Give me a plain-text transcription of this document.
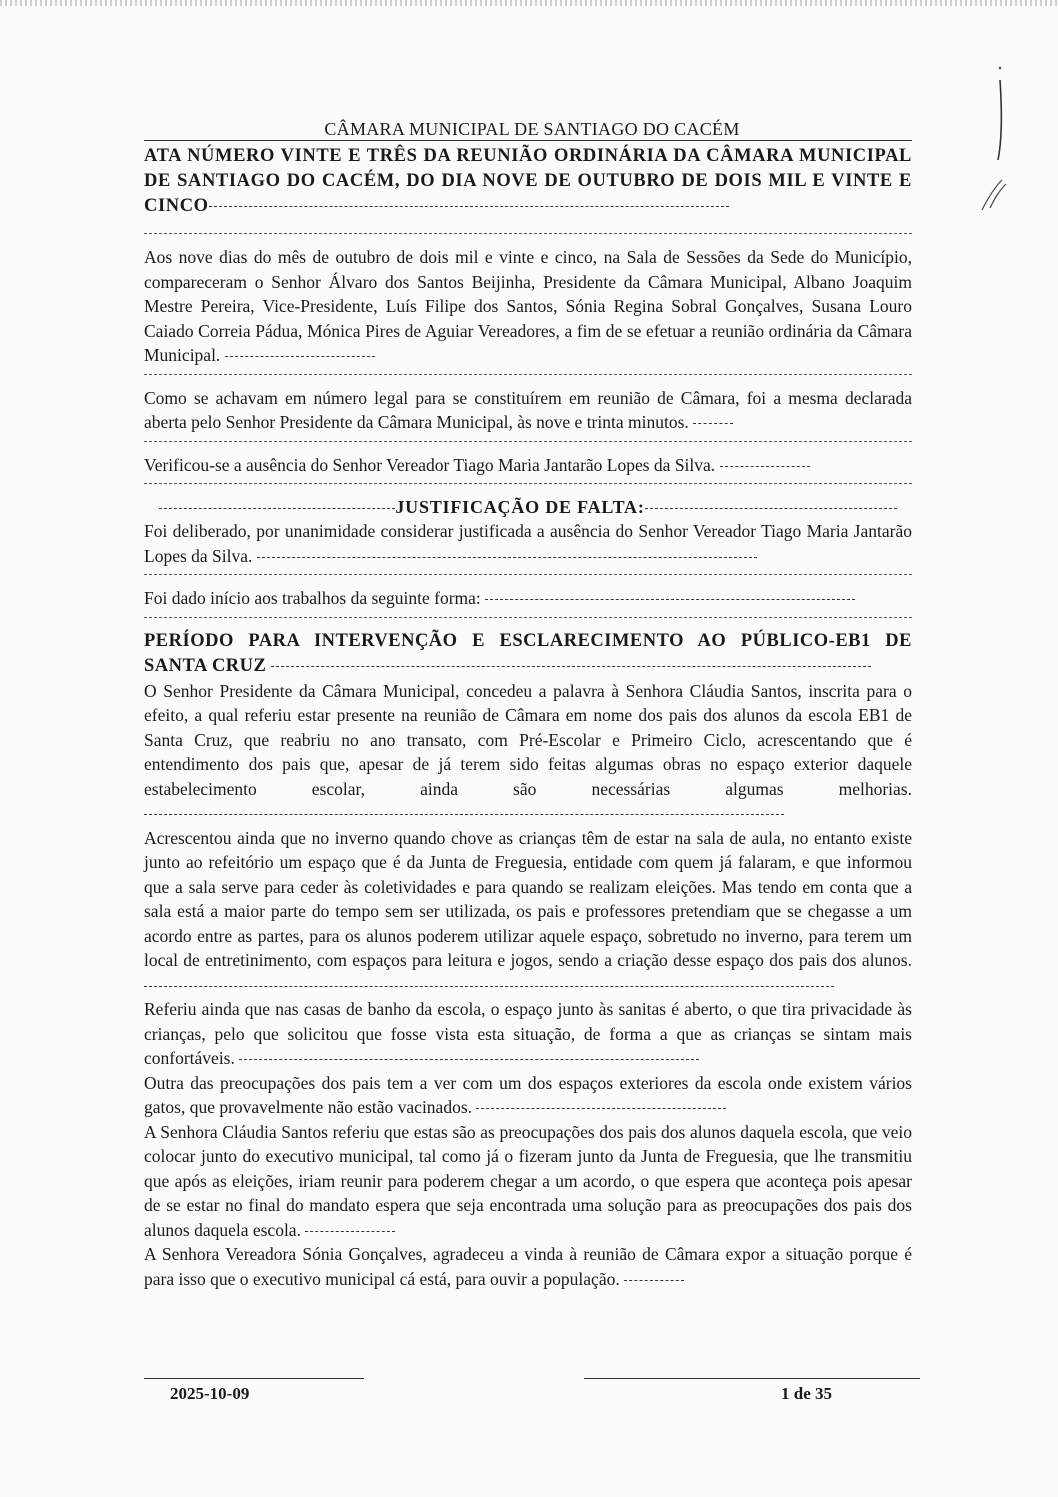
CÂMARA MUNICIPAL DE SANTIAGO DO CACÉM
ATA NÚMERO VINTE E TRÊS DA REUNIÃO ORDINÁRIA DA CÂMARA MUNICIPAL DE SANTIAGO DO CACÉM, DO DIA NOVE DE OUTUBRO DE DOIS MIL E VINTE E CINCO

Aos nove dias do mês de outubro de dois mil e vinte e cinco, na Sala de Sessões da Sede do Município, compareceram o Senhor Álvaro dos Santos Beijinha, Presidente da Câmara Municipal, Albano Joaquim Mestre Pereira, Vice-Presidente, Luís Filipe dos Santos, Sónia Regina Sobral Gonçalves, Susana Louro Caiado Correia Pádua, Mónica Pires de Aguiar Vereadores, a fim de se efetuar a reunião ordinária da Câmara Municipal.

Como se achavam em número legal para se constituírem em reunião de Câmara, foi a mesma declarada aberta pelo Senhor Presidente da Câmara Municipal, às nove e trinta minutos.

Verificou-se a ausência do Senhor Vereador Tiago Maria Jantarão Lopes da Silva.

JUSTIFICAÇÃO DE FALTA:

Foi deliberado, por unanimidade considerar justificada a ausência do Senhor Vereador Tiago Maria Jantarão Lopes da Silva.

Foi dado início aos trabalhos da seguinte forma:

PERÍODO PARA INTERVENÇÃO E ESCLARECIMENTO AO PÚBLICO-EB1 DE SANTA CRUZ

O Senhor Presidente da Câmara Municipal, concedeu a palavra à Senhora Cláudia Santos, inscrita para o efeito, a qual referiu estar presente na reunião de Câmara em nome dos pais dos alunos da escola EB1 de Santa Cruz, que reabriu no ano transato, com Pré-Escolar e Primeiro Ciclo, acrescentando que é entendimento dos pais que, apesar de já terem sido feitas algumas obras no espaço exterior daquele estabelecimento escolar, ainda são necessárias algumas melhorias.

Acrescentou ainda que no inverno quando chove as crianças têm de estar na sala de aula, no entanto existe junto ao refeitório um espaço que é da Junta de Freguesia, entidade com quem já falaram, e que informou que a sala serve para ceder às coletividades e para quando se realizam eleições. Mas tendo em conta que a sala está a maior parte do tempo sem ser utilizada, os pais e professores pretendiam que se chegasse a um acordo entre as partes, para os alunos poderem utilizar aquele espaço, sobretudo no inverno, para terem um local de entretinimento, com espaços para leitura e jogos, sendo a criação desse espaço dos pais dos alunos.

Referiu ainda que nas casas de banho da escola, o espaço junto às sanitas é aberto, o que tira privacidade às crianças, pelo que solicitou que fosse vista esta situação, de forma a que as crianças se sintam mais confortáveis.

Outra das preocupações dos pais tem a ver com um dos espaços exteriores da escola onde existem vários gatos, que provavelmente não estão vacinados.

A Senhora Cláudia Santos referiu que estas são as preocupações dos pais dos alunos daquela escola, que veio colocar junto do executivo municipal, tal como já o fizeram junto da Junta de Freguesia, que lhe transmitiu que após as eleições, iriam reunir para poderem chegar a um acordo, o que espera que aconteça pois apesar de se estar no final do mandato espera que seja encontrada uma solução para as preocupações dos pais dos alunos daquela escola.

A Senhora Vereadora Sónia Gonçalves, agradeceu a vinda à reunião de Câmara expor a situação porque é para isso que o executivo municipal cá está, para ouvir a população.

2025-10-09	1 de 35
